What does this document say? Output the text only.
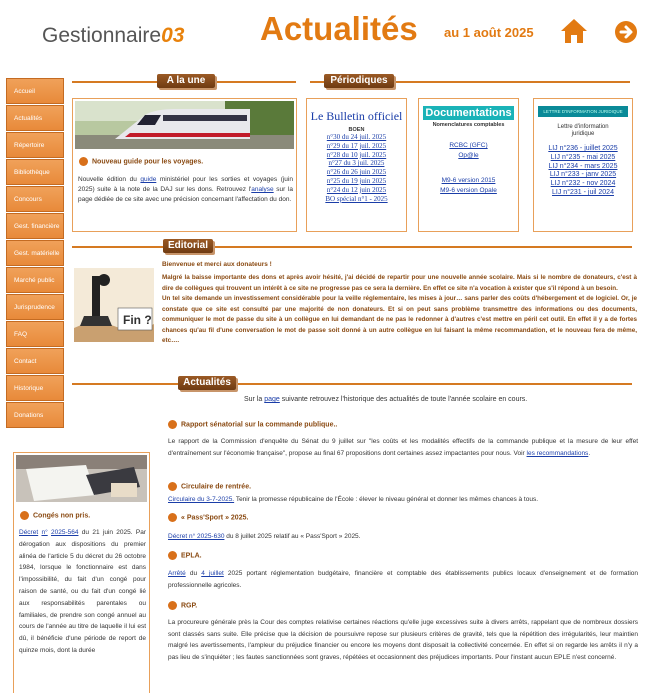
Gestionnaire03 Actualités au 1 août 2025
Accueil
Actualités
Répertoire
Bibliothèque
Concours
Gest. financière
Gest. matérielle
Marché public
Jurisprudence
FAQ
Contact
Historique
Donations
A la une
Nouveau guide pour les voyages.
Nouvelle édition du guide ministériel pour les sorties et voyages (juin 2025) suite à la note de la DAJ sur les dons. Retrouvez l'analyse sur la page dédiée de ce site avec une précision concernant l'affectation du don.
Périodiques
Le Bulletin officiel
BOEN
n°30 du 24 juil. 2025
n°29 du 17 juil. 2025
n°28 du 10 juil. 2025
n°27 du 3 juil. 2025
n°26 du 26 juin 2025
n°25 du 19 juin 2025
n°24 du 12 juin 2025
BO spécial n°1 - 2025
Documentations
Nomenclatures comptables
RCBC (GFC)
Op@le
M9-6 version 2015
M9-6 version Opale
LETTRE D'INFORMATION JURIDIQUE
Lettre d'information
juridique
LIJ n°236 - juillet 2025
LIJ n°235 - mai 2025
LIJ n°234 - mars 2025
LIJ n°233 - janv 2025
LIJ n°232 - nov 2024
LIJ n°231 - juil 2024
Editorial
Fin ?
Bienvenue et merci aux donateurs !
Malgré la baisse importante des dons et après avoir hésité, j'ai décidé de repartir pour une nouvelle année scolaire. Mais si le nombre de donateurs, c'est à dire de collègues qui trouvent un intérêt à ce site ne progresse pas ce sera la dernière. En effet ce site n'a vocation à exister que s'il répond à un besoin.
Un tel site demande un investissement considérable pour la veille réglementaire, les mises à jour… sans parler des coûts d'hébergement et de logiciel. Or, je constate que ce site est consulté par une majorité de non donateurs. Et si on peut sans problème transmettre des informations ou des documents, communiquer le mot de passe du site à un collègue en lui demandant de ne pas le redonner à d'autres c'est mettre en péril cet outil. En effet il y a de fortes chances qu'au fil d'une conversation le mot de passe soit donné à un autre collègue en lui faisant la même recommandation, et le nouveau fera de même, etc….
Actualités
Sur la page suivante retrouvez l'historique des actualités de toute l'année scolaire en cours.
Rapport sénatorial sur la commande publique..
Le rapport de la Commission d'enquête du Sénat du 9 juillet sur "les coûts et les modalités effectifs de la commande publique et la mesure de leur effet d'entraînement sur l'économie française", propose au final 67 propositions dont certaines assez impactantes pour nous. Voir les recommandations.
Circulaire de rentrée.
Circulaire du 3-7-2025. Tenir la promesse républicaine de l'École : élever le niveau général et donner les mêmes chances à tous.
« Pass'Sport » 2025.
Décret n° 2025-630 du 8 juillet 2025 relatif au « Pass'Sport » 2025.
EPLA.
Arrêté du 4 juillet 2025 portant réglementation budgétaire, financière et comptable des établissements publics locaux d'enseignement et de formation professionnelle agricoles.
RGP.
La procureure générale près la Cour des comptes relativise certaines réactions qu'elle juge excessives suite à divers arrêts, rappelant que de nombreux dossiers sont classés sans suite. Elle précise que la décision de poursuivre repose sur plusieurs critères de gravité, tels que la répétition des irrégularités, leur maintien malgré les avertissements, l'ampleur du préjudice financier ou encore les moyens dont disposait la collectivité concernée. En effet si on regarde les arrêts il n'y a pas lieu de s'inquiéter ; les fautes sanctionnées sont graves, répétées et occasionnent des préjudices importants. Pour l'instant aucun EPLE n'est concerné.
Congés non pris.
Décret n° 2025-564 du 21 juin 2025. Par dérogation aux dispositions du premier alinéa de l'article 5 du décret du 26 octobre 1984, lorsque le fonctionnaire est dans l'impossibilité, du fait d'un congé pour raison de santé, ou du fait d'un congé lié aux responsabilités parentales ou familiales, de prendre son congé annuel au cours de l'année au titre de laquelle il lui est dû, il bénéficie d'une période de report de quinze mois, dont la durée
